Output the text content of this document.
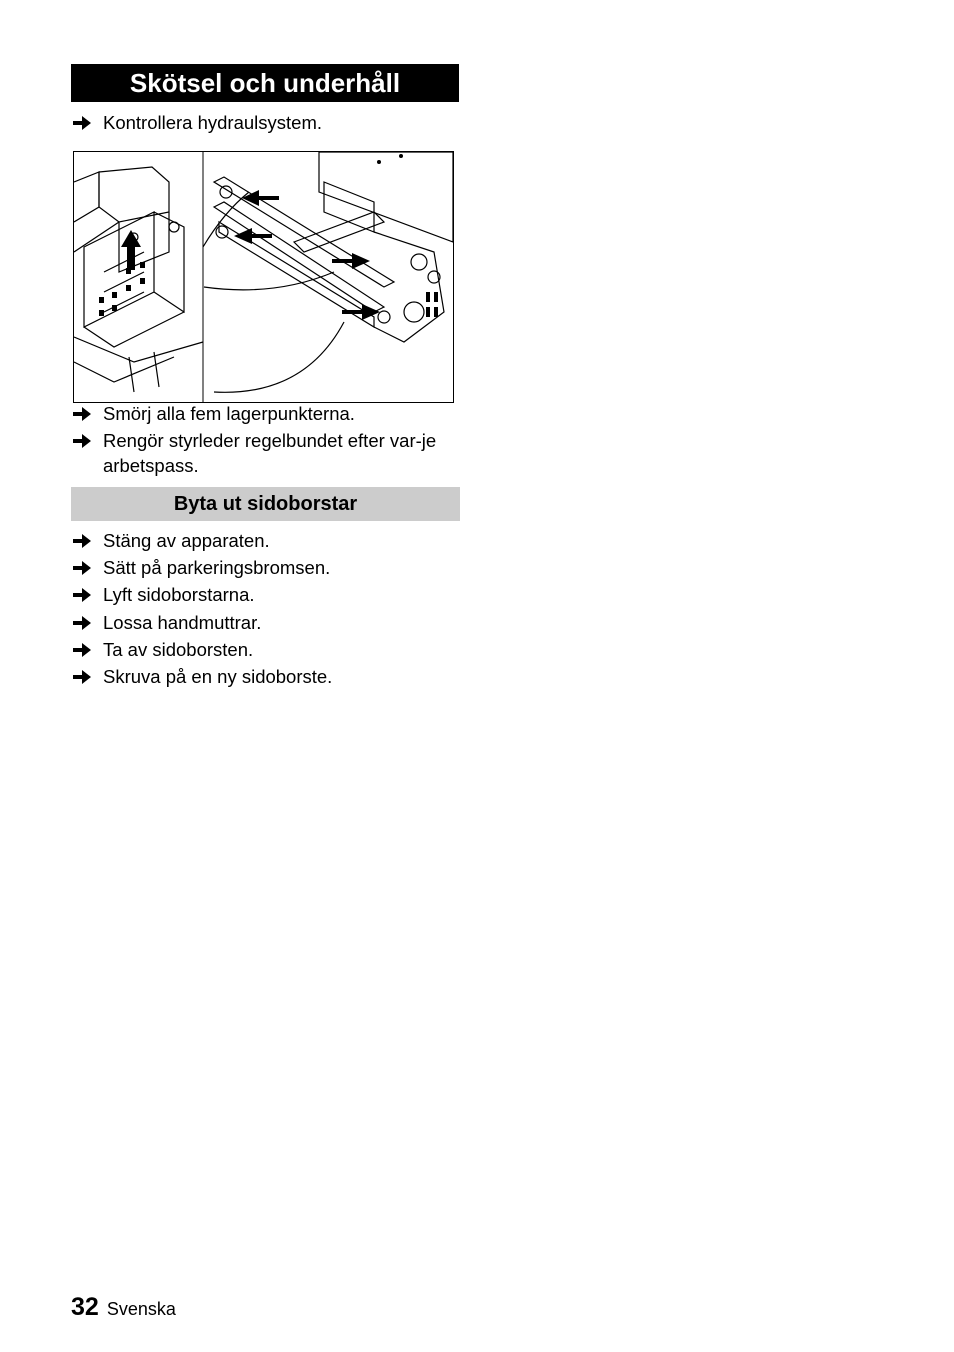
Skötsel och underhåll
Kontrollera hydraulsystem.
Smörj alla fem lagerpunkterna.
Rengör styrleder regelbundet efter var-je arbetspass.
Byta ut sidoborstar
Stäng av apparaten.
Sätt på parkeringsbromsen.
Lyft sidoborstarna.
Lossa handmuttrar.
Ta av sidoborsten.
Skruva på en ny sidoborste.
32 Svenska
